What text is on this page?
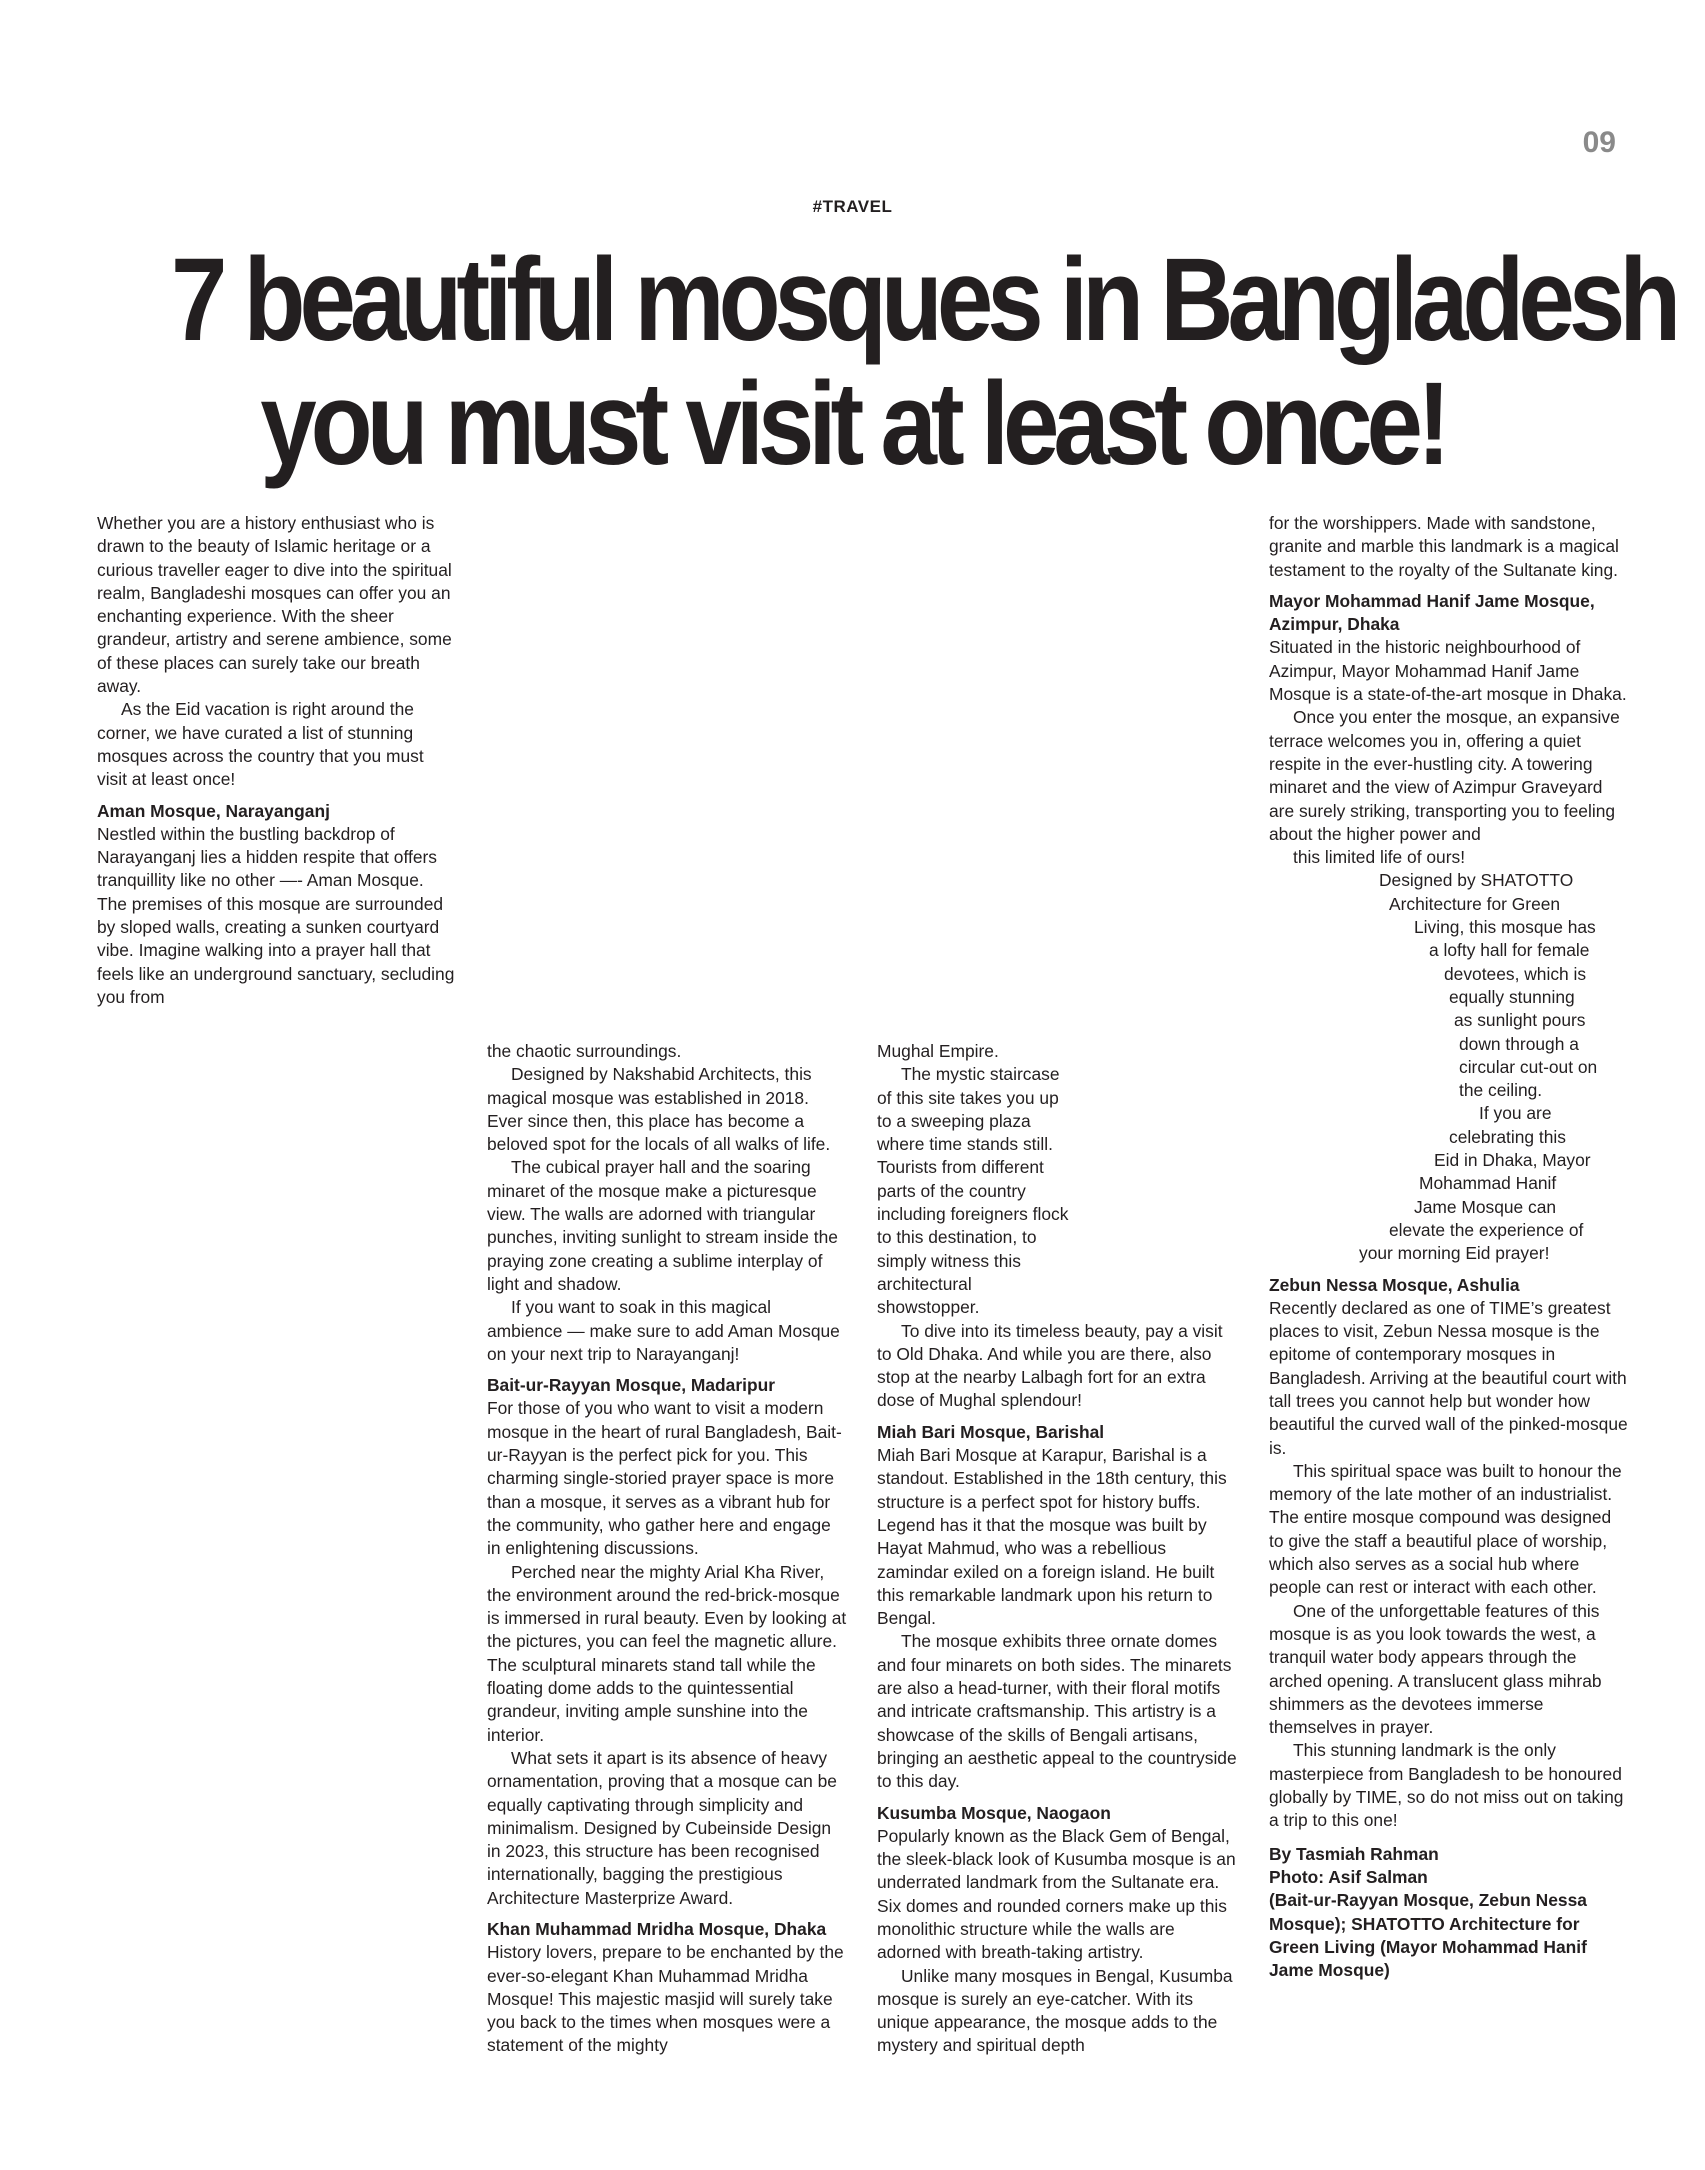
09
#TRAVEL
7 beautiful mosques in Bangladesh
you must visit at least once!

Whether you are a history enthusiast who is drawn to the beauty of Islamic heritage or a curious traveller eager to dive into the spiritual realm, Bangladeshi mosques can offer you an enchanting experience. With the sheer grandeur, artistry and serene ambience, some of these places can surely take our breath away.

As the Eid vacation is right around the corner, we have curated a list of stunning mosques across the country that you must visit at least once!

Aman Mosque, Narayanganj

Nestled within the bustling backdrop of Narayanganj lies a hidden respite that offers tranquillity like no other —- Aman Mosque. The premises of this mosque are surrounded by sloped walls, creating a sunken courtyard vibe. Imagine walking into a prayer hall that feels like an underground sanctuary, secluding you from

the chaotic surroundings.

Designed by Nakshabid Architects, this magical mosque was established in 2018. Ever since then, this place has become a beloved spot for the locals of all walks of life.

The cubical prayer hall and the soaring minaret of the mosque make a picturesque view. The walls are adorned with triangular punches, inviting sunlight to stream inside the praying zone creating a sublime interplay of light and shadow.

If you want to soak in this magical ambience — make sure to add Aman Mosque on your next trip to Narayanganj!

Bait-ur-Rayyan Mosque, Madaripur

For those of you who want to visit a modern mosque in the heart of rural Bangladesh, Bait-ur-Rayyan is the perfect pick for you. This charming single-storied prayer space is more than a mosque, it serves as a vibrant hub for the community, who gather here and engage in enlightening discussions.

Perched near the mighty Arial Kha River, the environment around the red-brick-mosque is immersed in rural beauty. Even by looking at the pictures, you can feel the magnetic allure. The sculptural minarets stand tall while the floating dome adds to the quintessential grandeur, inviting ample sunshine into the interior.

What sets it apart is its absence of heavy ornamentation, proving that a mosque can be equally captivating through simplicity and minimalism. Designed by Cubeinside Design in 2023, this structure has been recognised internationally, bagging the prestigious Architecture Masterprize Award.

Khan Muhammad Mridha Mosque, Dhaka

History lovers, prepare to be enchanted by the ever-so-elegant Khan Muhammad Mridha Mosque! This majestic masjid will surely take you back to the times when mosques were a statement of the mighty

Mughal Empire.

The mystic staircase of this site takes you up to a sweeping plaza where time stands still. Tourists from different parts of the country including foreigners flock to this destination, to simply witness this architectural showstopper.

To dive into its timeless beauty, pay a visit to Old Dhaka. And while you are there, also stop at the nearby Lalbagh fort for an extra dose of Mughal splendour!

Miah Bari Mosque, Barishal

Miah Bari Mosque at Karapur, Barishal is a standout. Established in the 18th century, this structure is a perfect spot for history buffs. Legend has it that the mosque was built by Hayat Mahmud, who was a rebellious zamindar exiled on a foreign island. He built this remarkable landmark upon his return to Bengal.

The mosque exhibits three ornate domes and four minarets on both sides. The minarets are also a head-turner, with their floral motifs and intricate craftsmanship. This artistry is a showcase of the skills of Bengali artisans, bringing an aesthetic appeal to the countryside to this day.

Kusumba Mosque, Naogaon

Popularly known as the Black Gem of Bengal, the sleek-black look of Kusumba mosque is an underrated landmark from the Sultanate era. Six domes and rounded corners make up this monolithic structure while the walls are adorned with breath-taking artistry.

Unlike many mosques in Bengal, Kusumba mosque is surely an eye-catcher. With its unique appearance, the mosque adds to the mystery and spiritual depth

for the worshippers. Made with sandstone, granite and marble this landmark is a magical testament to the royalty of the Sultanate king.

Mayor Mohammad Hanif Jame Mosque, Azimpur, Dhaka

Situated in the historic neighbourhood of Azimpur, Mayor Mohammad Hanif Jame Mosque is a state-of-the-art mosque in Dhaka.

Once you enter the mosque, an expansive terrace welcomes you in, offering a quiet respite in the ever-hustling city. A towering minaret and the view of Azimpur Graveyard are surely striking, transporting you to feeling about the higher power and

this limited life of ours!

Designed by SHATOTTO
Architecture for Green
Living, this mosque has
a lofty hall for female
devotees, which is
equally stunning
as sunlight pours
down through a
circular cut-out on
the ceiling.
If you are
celebrating this
Eid in Dhaka, Mayor
Mohammad Hanif
Jame Mosque can
elevate the experience of
your morning Eid prayer!
Zebun Nessa Mosque, Ashulia

Recently declared as one of TIME’s greatest places to visit, Zebun Nessa mosque is the epitome of contemporary mosques in Bangladesh. Arriving at the beautiful court with tall trees you cannot help but wonder how beautiful the curved wall of the pinked-mosque is.

This spiritual space was built to honour the memory of the late mother of an industrialist. The entire mosque compound was designed to give the staff a beautiful place of worship, which also serves as a social hub where people can rest or interact with each other.

One of the unforgettable features of this mosque is as you look towards the west, a tranquil water body appears through the arched opening. A translucent glass mihrab shimmers as the devotees immerse themselves in prayer.

This stunning landmark is the only masterpiece from Bangladesh to be honoured globally by TIME, so do not miss out on taking a trip to this one!

By Tasmiah Rahman
Photo: Asif Salman
(Bait-ur-Rayyan Mosque, Zebun Nessa
Mosque); SHATOTTO Architecture for
Green Living (Mayor Mohammad Hanif
Jame Mosque)
